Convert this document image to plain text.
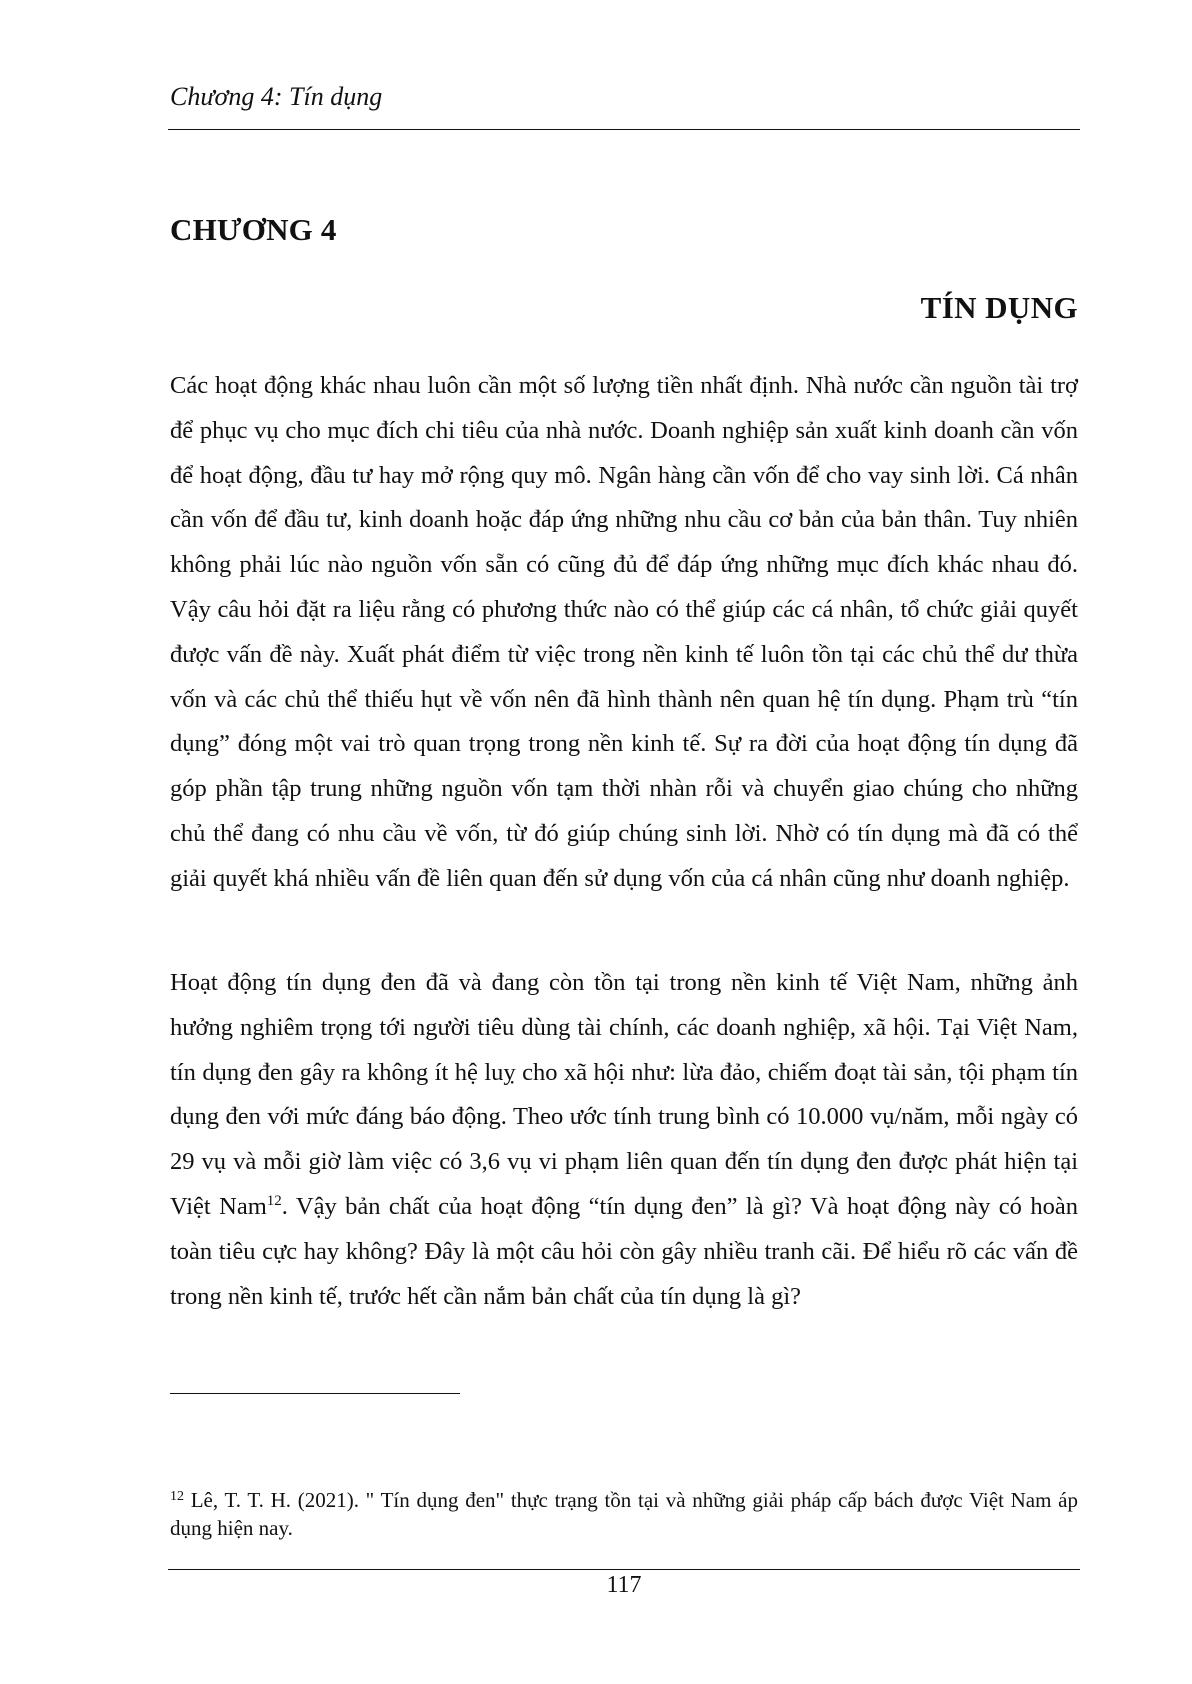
Chương 4: Tín dụng
CHƯƠNG 4
TÍN DỤNG

Các hoạt động khác nhau luôn cần một số lượng tiền nhất định. Nhà nước cần nguồn tài trợ để phục vụ cho mục đích chi tiêu của nhà nước. Doanh nghiệp sản xuất kinh doanh cần vốn để hoạt động, đầu tư hay mở rộng quy mô. Ngân hàng cần vốn để cho vay sinh lời. Cá nhân cần vốn để đầu tư, kinh doanh hoặc đáp ứng những nhu cầu cơ bản của bản thân. Tuy nhiên không phải lúc nào nguồn vốn sẵn có cũng đủ để đáp ứng những mục đích khác nhau đó. Vậy câu hỏi đặt ra liệu rằng có phương thức nào có thể giúp các cá nhân, tổ chức giải quyết được vấn đề này. Xuất phát điểm từ việc trong nền kinh tế luôn tồn tại các chủ thể dư thừa vốn và các chủ thể thiếu hụt về vốn nên đã hình thành nên quan hệ tín dụng. Phạm trù “tín dụng” đóng một vai trò quan trọng trong nền kinh tế. Sự ra đời của hoạt động tín dụng đã góp phần tập trung những nguồn vốn tạm thời nhàn rỗi và chuyển giao chúng cho những chủ thể đang có nhu cầu về vốn, từ đó giúp chúng sinh lời. Nhờ có tín dụng mà đã có thể giải quyết khá nhiều vấn đề liên quan đến sử dụng vốn của cá nhân cũng như doanh nghiệp.

Hoạt động tín dụng đen đã và đang còn tồn tại trong nền kinh tế Việt Nam, những ảnh hưởng nghiêm trọng tới người tiêu dùng tài chính, các doanh nghiệp, xã hội. Tại Việt Nam, tín dụng đen gây ra không ít hệ luỵ cho xã hội như: lừa đảo, chiếm đoạt tài sản, tội phạm tín dụng đen với mức đáng báo động. Theo ước tính trung bình có 10.000 vụ/năm, mỗi ngày có 29 vụ và mỗi giờ làm việc có 3,6 vụ vi phạm liên quan đến tín dụng đen được phát hiện tại Việt Nam$^{12}$. Vậy bản chất của hoạt động “tín dụng đen” là gì? Và hoạt động này có hoàn toàn tiêu cực hay không? Đây là một câu hỏi còn gây nhiều tranh cãi. Để hiểu rõ các vấn đề trong nền kinh tế, trước hết cần nắm bản chất của tín dụng là gì?

$^{12}$ Lê, T. T. H. (2021). " Tín dụng đen" thực trạng tồn tại và những giải pháp cấp bách được Việt Nam áp dụng hiện nay.

117
